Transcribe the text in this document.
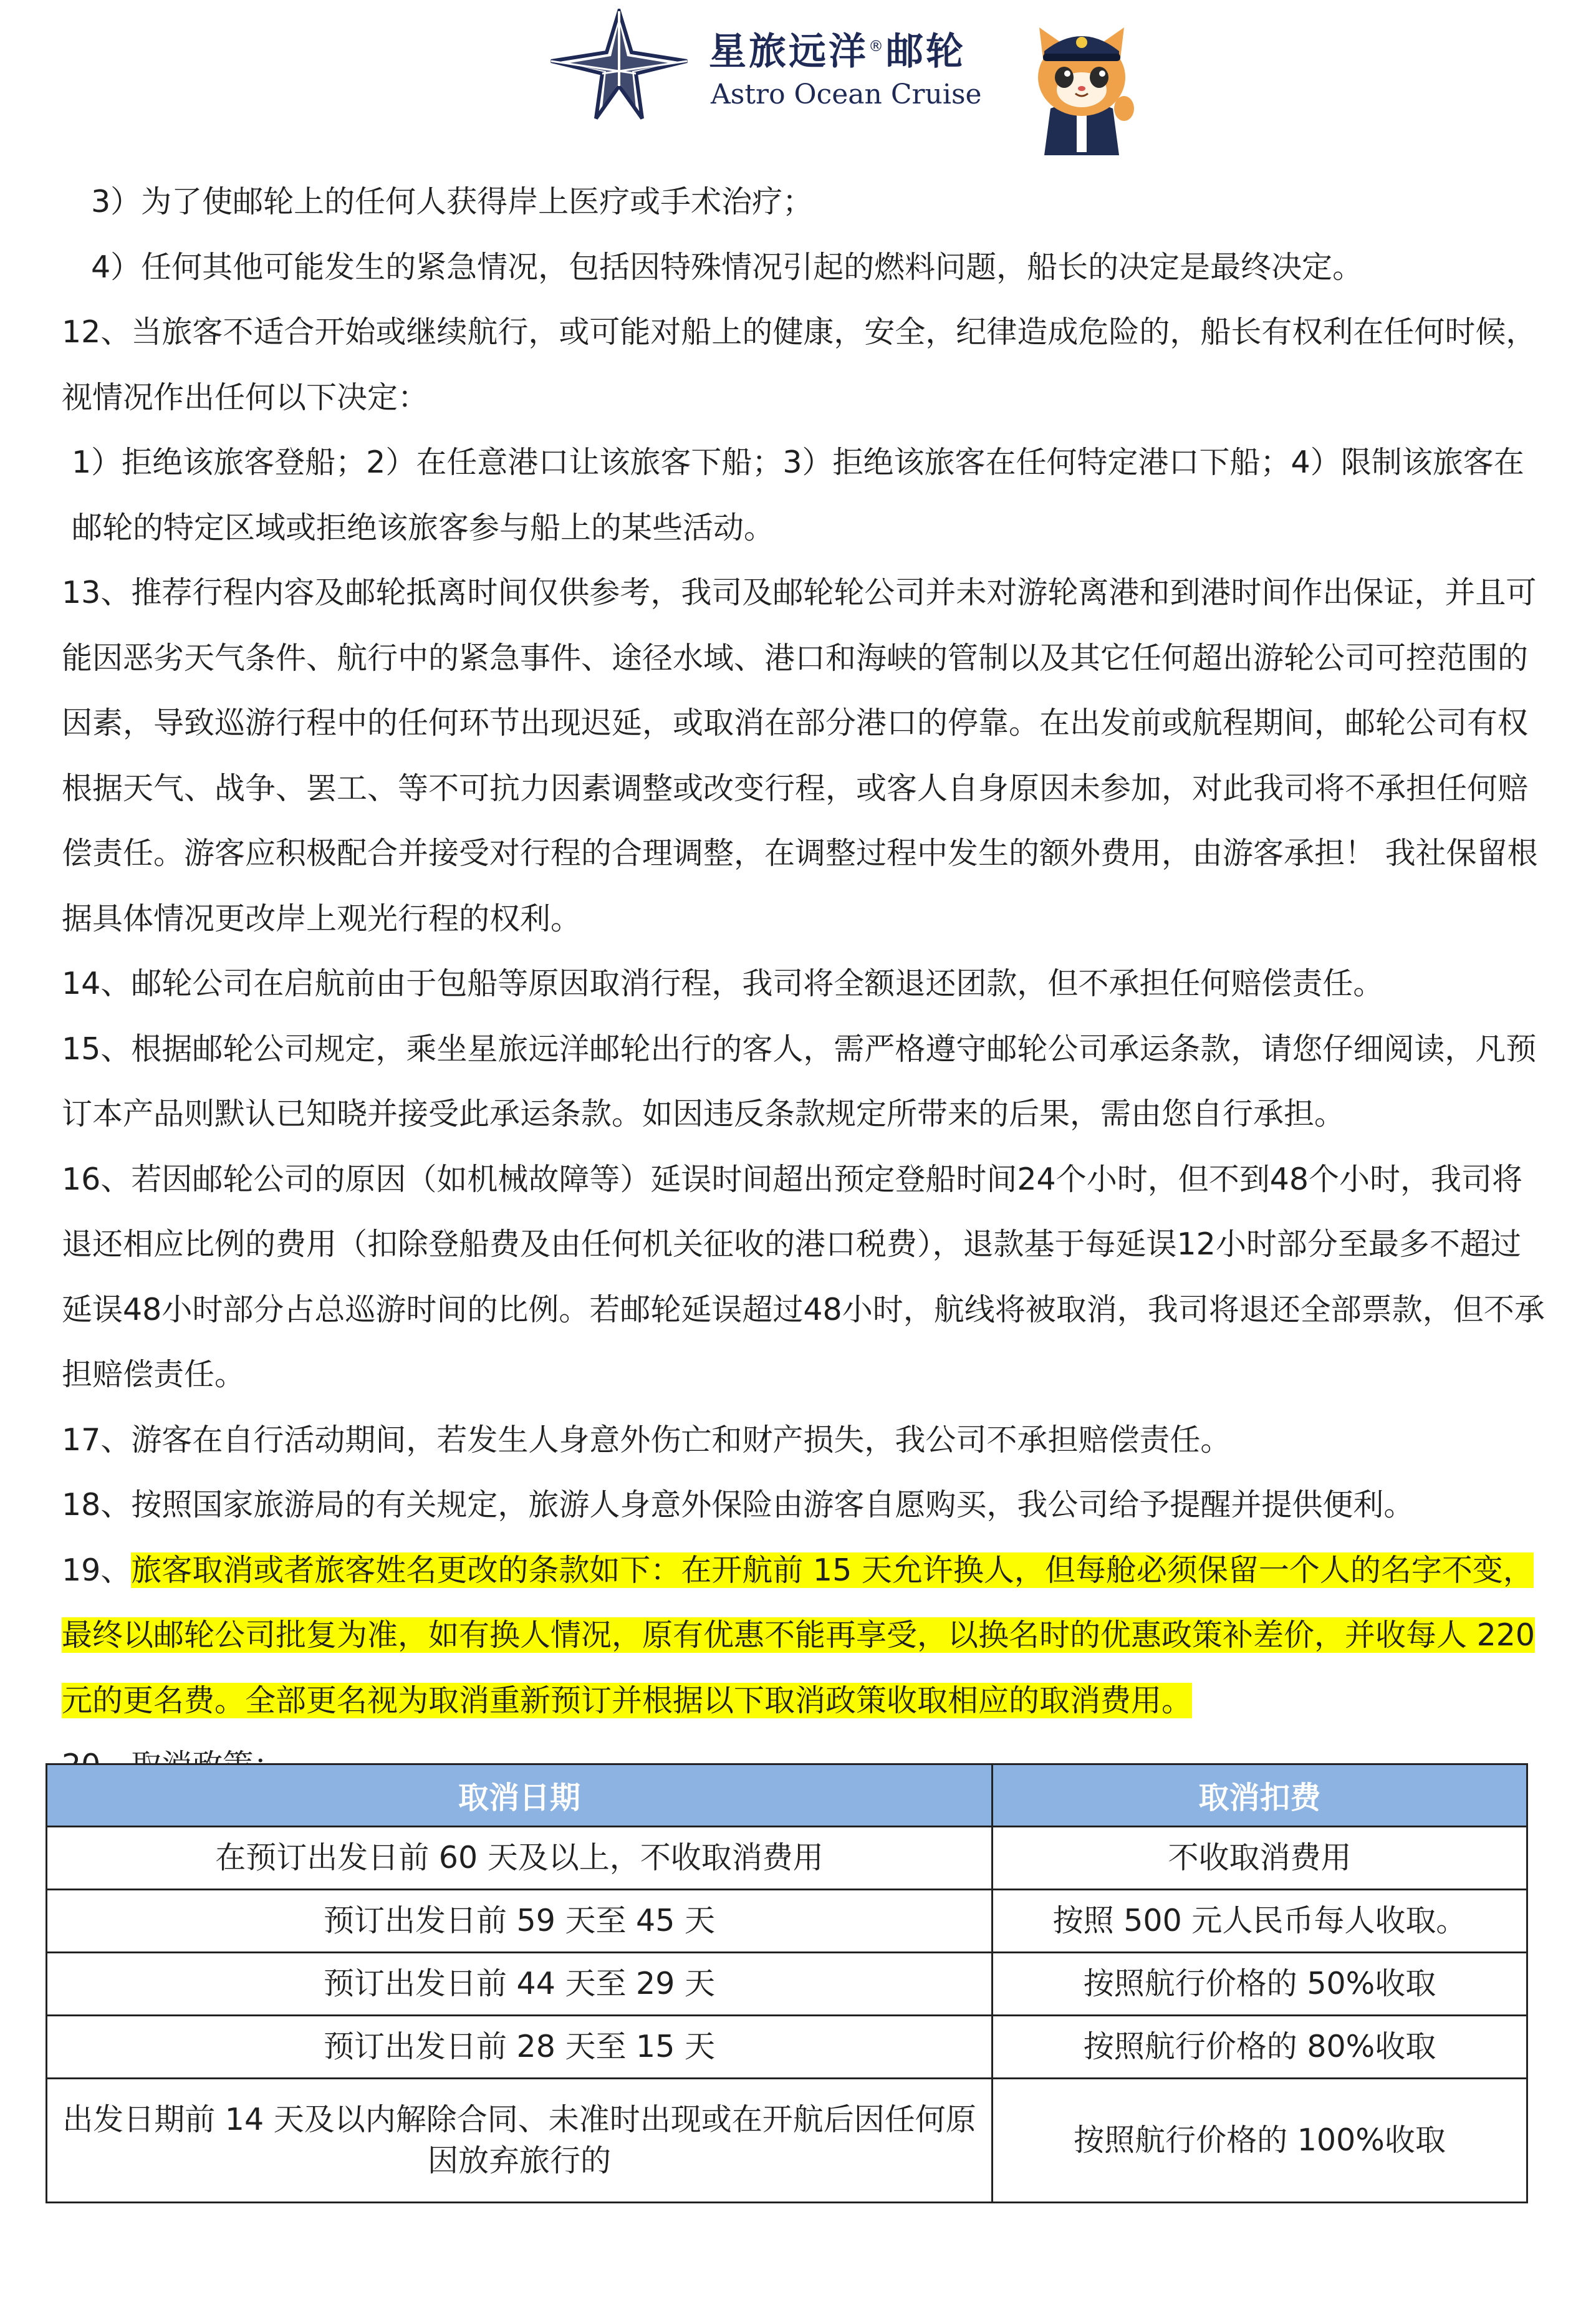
星旅远洋®邮轮
Astro Ocean Cruise

3）为了使邮轮上的任何人获得岸上医疗或手术治疗；

4）任何其他可能发生的紧急情况，包括因特殊情况引起的燃料问题，船长的决定是最终决定。

12、当旅客不适合开始或继续航行，或可能对船上的健康，安全，纪律造成危险的，船长有权利在任何时候，视情况作出任何以下决定：

1）拒绝该旅客登船；2）在任意港口让该旅客下船；3）拒绝该旅客在任何特定港口下船；4）限制该旅客在邮轮的特定区域或拒绝该旅客参与船上的某些活动。

13、推荐行程内容及邮轮抵离时间仅供参考，我司及邮轮轮公司并未对游轮离港和到港时间作出保证，并且可能因恶劣天气条件、航行中的紧急事件、途径水域、港口和海峡的管制以及其它任何超出游轮公司可控范围的因素，导致巡游行程中的任何环节出现迟延，或取消在部分港口的停靠。在出发前或航程期间，邮轮公司有权根据天气、战争、罢工、等不可抗力因素调整或改变行程，或客人自身原因未参加，对此我司将不承担任何赔偿责任。游客应积极配合并接受对行程的合理调整，在调整过程中发生的额外费用，由游客承担！ 我社保留根据具体情况更改岸上观光行程的权利。

14、邮轮公司在启航前由于包船等原因取消行程，我司将全额退还团款，但不承担任何赔偿责任。

15、根据邮轮公司规定，乘坐星旅远洋邮轮出行的客人，需严格遵守邮轮公司承运条款，请您仔细阅读，凡预订本产品则默认已知晓并接受此承运条款。如因违反条款规定所带来的后果，需由您自行承担。

16、若因邮轮公司的原因（如机械故障等）延误时间超出预定登船时间24个小时，但不到48个小时，我司将退还相应比例的费用（扣除登船费及由任何机关征收的港口税费），退款基于每延误12小时部分至最多不超过延误48小时部分占总巡游时间的比例。若邮轮延误超过48小时，航线将被取消，我司将退还全部票款，但不承担赔偿责任。

17、游客在自行活动期间，若发生人身意外伤亡和财产损失，我公司不承担赔偿责任。

18、按照国家旅游局的有关规定，旅游人身意外保险由游客自愿购买，我公司给予提醒并提供便利。

19、旅客取消或者旅客姓名更改的条款如下：在开航前 15 天允许换人，但每舱必须保留一个人的名字不变，最终以邮轮公司批复为准，如有换人情况，原有优惠不能再享受，以换名时的优惠政策补差价，并收每人 220 元的更名费。全部更名视为取消重新预订并根据以下取消政策收取相应的取消费用。

取消日期	取消扣费
在预订出发日前 60 天及以上，不收取消费用	不收取消费用
预订出发日前 59 天至 45 天	按照 500 元人民币每人收取。
预订出发日前 44 天至 29 天	按照航行价格的 50%收取
预订出发日前 28 天至 15 天	按照航行价格的 80%收取
出发日期前 14 天及以内解除合同、未准时出现或在开航后因任何原因放弃旅行的	按照航行价格的 100%收取
